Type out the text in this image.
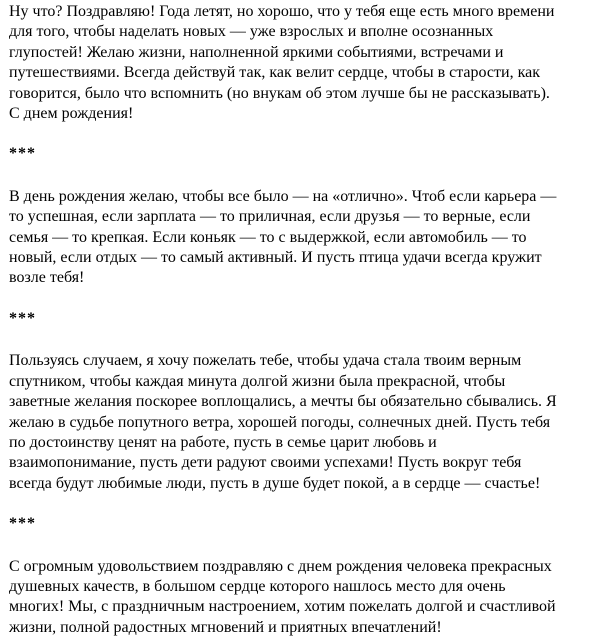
Ну что? Поздравляю! Года летят, но хорошо, что у тебя еще есть много времени
для того, чтобы наделать новых — уже взрослых и вполне осознанных
глупостей! Желаю жизни, наполненной яркими событиями, встречами и
путешествиями. Всегда действуй так, как велит сердце, чтобы в старости, как
говорится, было что вспомнить (но внукам об этом лучше бы не рассказывать).
С днем рождения!

***

В день рождения желаю, чтобы все было — на «отлично». Чтоб если карьера —
то успешная, если зарплата — то приличная, если друзья — то верные, если
семья — то крепкая. Если коньяк — то с выдержкой, если автомобиль — то
новый, если отдых — то самый активный. И пусть птица удачи всегда кружит
возле тебя!

***

Пользуясь случаем, я хочу пожелать тебе, чтобы удача стала твоим верным
спутником, чтобы каждая минута долгой жизни была прекрасной, чтобы
заветные желания поскорее воплощались, а мечты бы обязательно сбывались. Я
желаю в судьбе попутного ветра, хорошей погоды, солнечных дней. Пусть тебя
по достоинству ценят на работе, пусть в семье царит любовь и
взаимопонимание, пусть дети радуют своими успехами! Пусть вокруг тебя
всегда будут любимые люди, пусть в душе будет покой, а в сердце — счастье!

***

С огромным удовольствием поздравляю с днем рождения человека прекрасных
душевных качеств, в большом сердце которого нашлось место для очень
многих! Мы, с праздничным настроением, хотим пожелать долгой и счастливой
жизни, полной радостных мгновений и приятных впечатлений!
